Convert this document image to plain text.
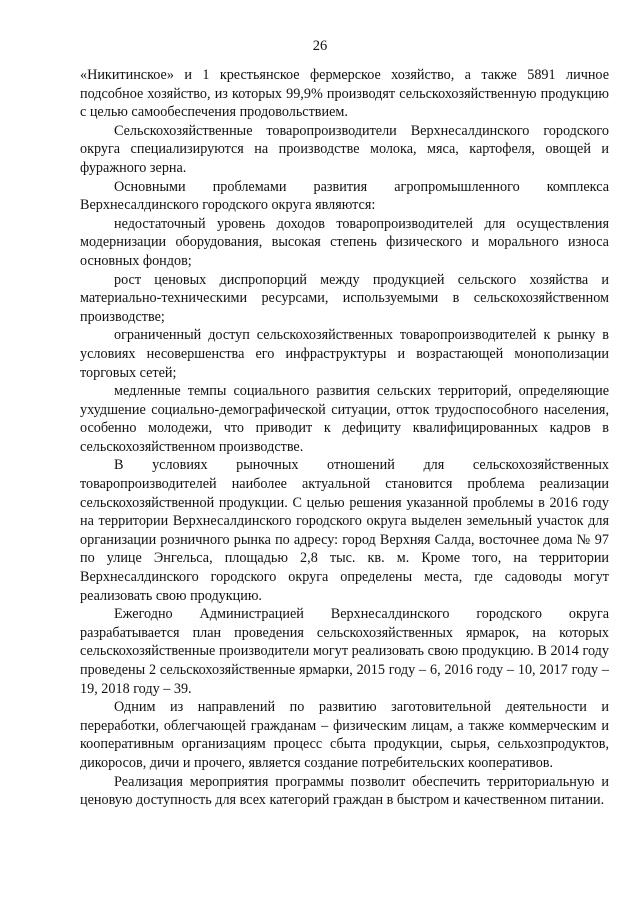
26

«Никитинское» и 1 крестьянское фермерское хозяйство, а также 5891 личное подсобное хозяйство, из которых 99,9% производят сельскохозяйственную продукцию с целью самообеспечения продовольствием.

Сельскохозяйственные товаропроизводители Верхнесалдинского городского округа специализируются на производстве молока, мяса, картофеля, овощей и фуражного зерна.

Основными проблемами развития агропромышленного комплекса Верхнесалдинского городского округа являются:

недостаточный уровень доходов товаропроизводителей для осуществления модернизации оборудования, высокая степень физического и морального износа основных фондов;

рост ценовых диспропорций между продукцией сельского хозяйства и материально-техническими ресурсами, используемыми в сельскохозяйственном производстве;

ограниченный доступ сельскохозяйственных товаропроизводителей к рынку в условиях несовершенства его инфраструктуры и возрастающей монополизации торговых сетей;

медленные темпы социального развития сельских территорий, определяющие ухудшение социально-демографической ситуации, отток трудоспособного населения, особенно молодежи, что приводит к дефициту квалифицированных кадров в сельскохозяйственном производстве.

В условиях рыночных отношений для сельскохозяйственных товаропроизводителей наиболее актуальной становится проблема реализации сельскохозяйственной продукции. С целью решения указанной проблемы в 2016 году на территории Верхнесалдинского городского округа выделен земельный участок для организации розничного рынка по адресу: город Верхняя Салда, восточнее дома № 97 по улице Энгельса, площадью 2,8 тыс. кв. м. Кроме того, на территории Верхнесалдинского городского округа определены места, где садоводы могут реализовать свою продукцию.

Ежегодно Администрацией Верхнесалдинского городского округа разрабатывается план проведения сельскохозяйственных ярмарок, на которых сельскохозяйственные производители могут реализовать свою продукцию. В 2014 году проведены 2 сельскохозяйственные ярмарки, 2015 году – 6, 2016 году – 10, 2017 году – 19, 2018 году – 39.

Одним из направлений по развитию заготовительной деятельности и переработки, облегчающей гражданам – физическим лицам, а также коммерческим и кооперативным организациям процесс сбыта продукции, сырья, сельхозпродуктов, дикоросов, дичи и прочего, является создание потребительских кооперативов.

Реализация мероприятия программы позволит обеспечить территориальную и ценовую доступность для всех категорий граждан в быстром и качественном питании.
